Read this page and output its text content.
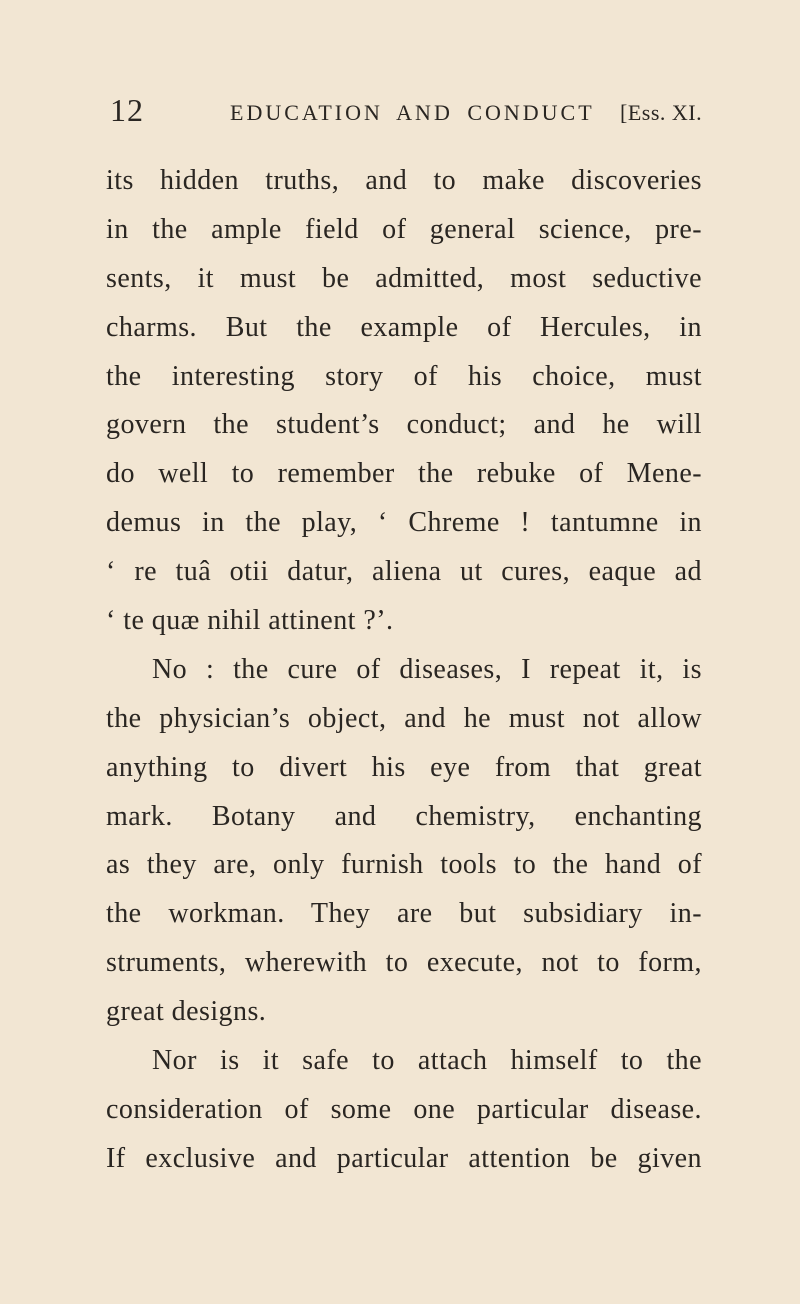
12	EDUCATION AND CONDUCT [Ess. XI.
its hidden truths, and to make discoveries
in the ample field of general science, pre-
sents, it must be admitted, most seductive
charms. But the example of Hercules, in
the interesting story of his choice, must
govern the student’s conduct; and he will
do well to remember the rebuke of Mene-
demus in the play, ‘ Chreme ! tantumne in
‘ re tuâ otii datur, aliena ut cures, eaque ad
‘ te quæ nihil attinent ?’.
No : the cure of diseases, I repeat it, is
the physician’s object, and he must not allow
anything to divert his eye from that great
mark. Botany and chemistry, enchanting
as they are, only furnish tools to the hand of
the workman. They are but subsidiary in-
struments, wherewith to execute, not to form,
great designs.
Nor is it safe to attach himself to the
consideration of some one particular disease.
If exclusive and particular attention be given
